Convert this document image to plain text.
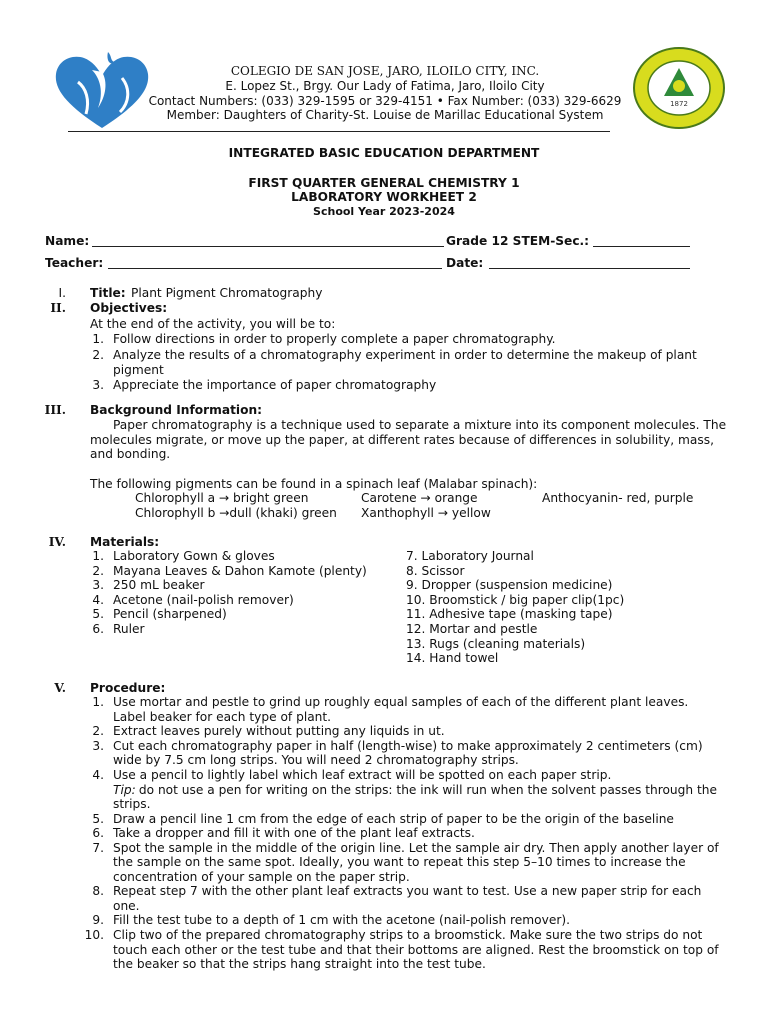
1872
COLEGIO DE SAN JOSE, JARO, ILOILO CITY, INC.
E. Lopez St., Brgy. Our Lady of Fatima, Jaro, Iloilo City
Contact Numbers: (033) 329-1595 or 329-4151 • Fax Number: (033) 329-6629
Member: Daughters of Charity-St. Louise de Marillac Educational System
INTEGRATED BASIC EDUCATION DEPARTMENT
FIRST QUARTER GENERAL CHEMISTRY 1
LABORATORY WORKHEET 2
School Year 2023-2024
Name:	Grade 12 STEM-Sec.:
Teacher:	Date:
I. Title: Plant Pigment Chromatography
II. Objectives:
At the end of the activity, you will be to:
1. Follow directions in order to properly complete a paper chromatography.
2. Analyze the results of a chromatography experiment in order to determine the makeup of plant
pigment
3. Appreciate the importance of paper chromatography
III. Background Information:
Paper chromatography is a technique used to separate a mixture into its component molecules. The
molecules migrate, or move up the paper, at different rates because of differences in solubility, mass,
and bonding.
The following pigments can be found in a spinach leaf (Malabar spinach):
Chlorophyll a → bright green	Carotene → orange	Anthocyanin- red, purple
Chlorophyll b →dull (khaki) green Xanthophyll → yellow
IV. Materials:
1. Laboratory Gown & gloves
2. Mayana Leaves & Dahon Kamote (plenty)
3. 250 mL beaker
4. Acetone (nail-polish remover)
5. Pencil (sharpened)
6. Ruler
7. Laboratory Journal
8. Scissor
9. Dropper (suspension medicine)
10. Broomstick / big paper clip(1pc)
11. Adhesive tape (masking tape)
12. Mortar and pestle
13. Rugs (cleaning materials)
14. Hand towel
V. Procedure:
1. Use mortar and pestle to grind up roughly equal samples of each of the different plant leaves.
Label beaker for each type of plant.
2. Extract leaves purely without putting any liquids in ut.
3. Cut each chromatography paper in half (length-wise) to make approximately 2 centimeters (cm)
wide by 7.5 cm long strips. You will need 2 chromatography strips.
4. Use a pencil to lightly label which leaf extract will be spotted on each paper strip.
Tip: do not use a pen for writing on the strips: the ink will run when the solvent passes through the
strips.
5. Draw a pencil line 1 cm from the edge of each strip of paper to be the origin of the baseline
6. Take a dropper and fill it with one of the plant leaf extracts.
7. Spot the sample in the middle of the origin line. Let the sample air dry. Then apply another layer of
the sample on the same spot. Ideally, you want to repeat this step 5–10 times to increase the
concentration of your sample on the paper strip.
8. Repeat step 7 with the other plant leaf extracts you want to test. Use a new paper strip for each
one.
9. Fill the test tube to a depth of 1 cm with the acetone (nail-polish remover).
10. Clip two of the prepared chromatography strips to a broomstick. Make sure the two strips do not
touch each other or the test tube and that their bottoms are aligned. Rest the broomstick on top of
the beaker so that the strips hang straight into the test tube.
